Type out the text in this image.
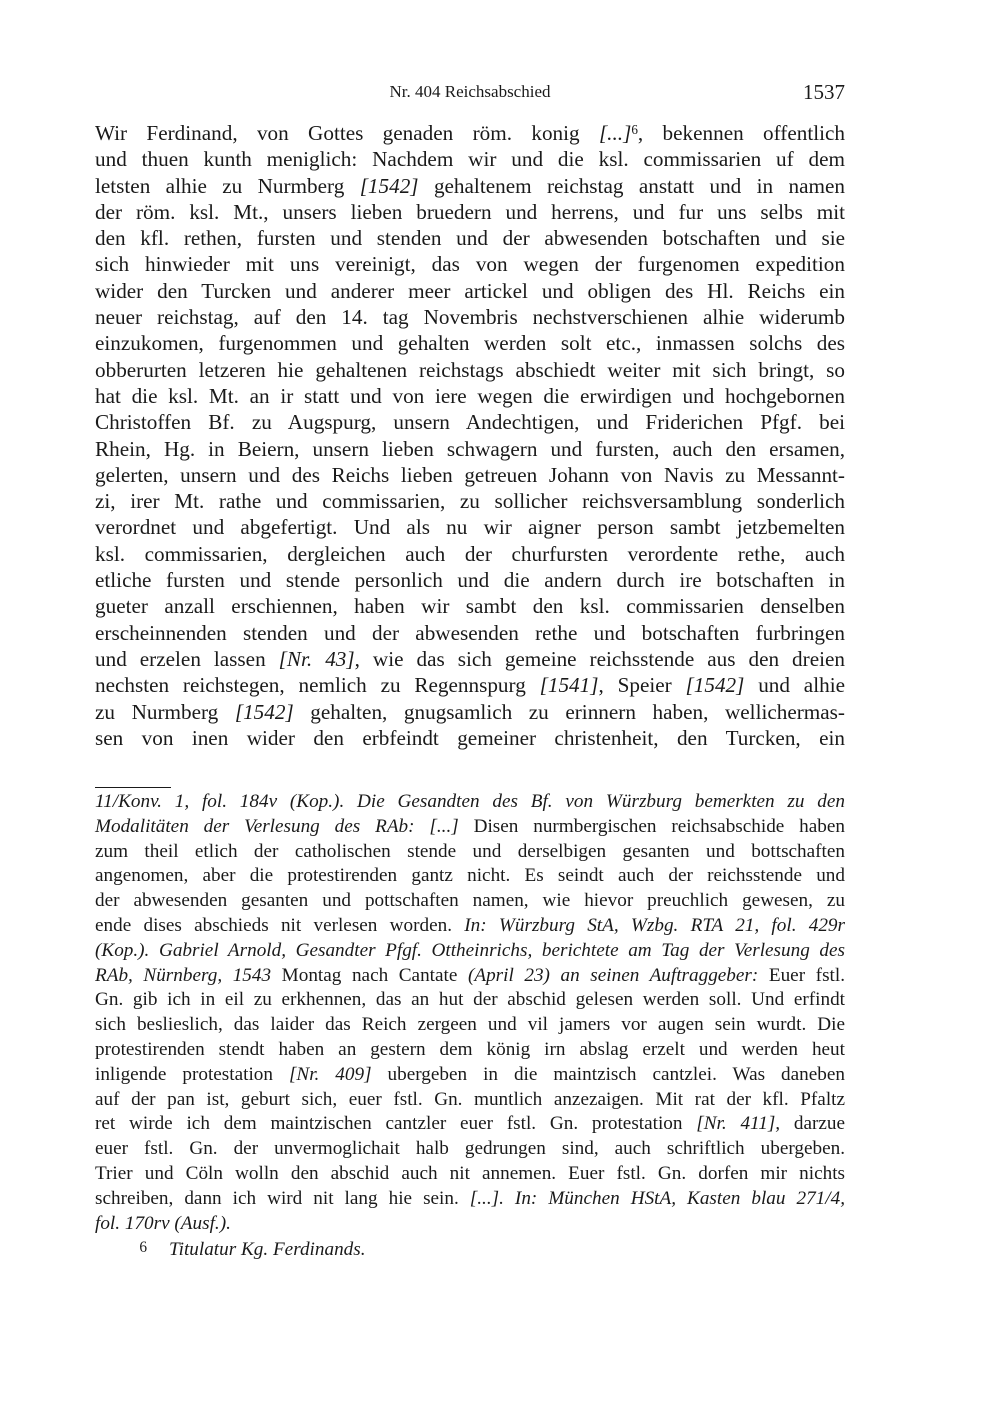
Nr. 404 Reichsabschied	1537
Wir Ferdinand, von Gottes genaden röm. konig [...]$^6$, bekennen offentlich
und thuen kunth meniglich: Nachdem wir und die ksl. commissarien uf dem
letsten alhie zu Nurmberg [1542] gehaltenem reichstag anstatt und in namen
der röm. ksl. Mt., unsers lieben bruedern und herrens, und fur uns selbs mit
den kfl. rethen, fursten und stenden und der abwesenden botschaften und sie
sich hinwieder mit uns vereinigt, das von wegen der furgenomen expedition
wider den Turcken und anderer meer artickel und obligen des Hl. Reichs ein
neuer reichstag, auf den 14. tag Novembris nechstverschienen alhie widerumb
einzukomen, furgenommen und gehalten werden solt etc., inmassen solchs des
obberurten letzeren hie gehaltenen reichstags abschiedt weiter mit sich bringt, so
hat die ksl. Mt. an ir statt und von iere wegen die erwirdigen und hochgebornen
Christoffen Bf. zu Augspurg, unsern Andechtigen, und Friderichen Pfgf. bei
Rhein, Hg. in Beiern, unsern lieben schwagern und fursten, auch den ersamen,
gelerten, unsern und des Reichs lieben getreuen Johann von Navis zu Messannt-
zi, irer Mt. rathe und commissarien, zu sollicher reichsversamblung sonderlich
verordnet und abgefertigt. Und als nu wir aigner person sambt jetzbemelten
ksl. commissarien, dergleichen auch der churfursten verordente rethe, auch
etliche fursten und stende personlich und die andern durch ire botschaften in
gueter anzall erschiennen, haben wir sambt den ksl. commissarien denselben
erscheinnenden stenden und der abwesenden rethe und botschaften furbringen
und erzelen lassen [Nr. 43], wie das sich gemeine reichsstende aus den dreien
nechsten reichstegen, nemlich zu Regennspurg [1541], Speier [1542] und alhie
zu Nurmberg [1542] gehalten, gnugsamlich zu erinnern haben, wellichermas-
sen von inen wider den erbfeindt gemeiner christenheit, den Turcken, ein
11/Konv. 1, fol. 184v (Kop.). Die Gesandten des Bf. von Würzburg bemerkten zu den
Modalitäten der Verlesung des RAb: [...] Disen nurmbergischen reichsabschide haben
zum theil etlich der catholischen stende und derselbigen gesanten und bottschaften
angenomen, aber die protestirenden gantz nicht. Es seindt auch der reichsstende und
der abwesenden gesanten und pottschaften namen, wie hievor preuchlich gewesen, zu
ende dises abschieds nit verlesen worden. In: Würzburg StA, Wzbg. RTA 21, fol. 429r
(Kop.). Gabriel Arnold, Gesandter Pfgf. Ottheinrichs, berichtete am Tag der Verlesung des
RAb, Nürnberg, 1543 Montag nach Cantate (April 23) an seinen Auftraggeber: Euer fstl.
Gn. gib ich in eil zu erkhennen, das an hut der abschid gelesen werden soll. Und erfindt
sich beslieslich, das laider das Reich zergeen und vil jamers vor augen sein wurdt. Die
protestirenden stendt haben an gestern dem könig irn abslag erzelt und werden heut
inligende protestation [Nr. 409] ubergeben in die maintzisch cantzlei. Was daneben
auf der pan ist, geburt sich, euer fstl. Gn. muntlich anzezaigen. Mit rat der kfl. Pfaltz
ret wirde ich dem maintzischen cantzler euer fstl. Gn. protestation [Nr. 411], darzue
euer fstl. Gn. der unvermoglichait halb gedrungen sind, auch schriftlich ubergeben.
Trier und Cöln wolln den abschid auch nit annemen. Euer fstl. Gn. dorfen mir nichts
schreiben, dann ich wird nit lang hie sein. [...]. In: München HStA, Kasten blau 271/4,
fol. 170rv (Ausf.).
6 Titulatur Kg. Ferdinands.
